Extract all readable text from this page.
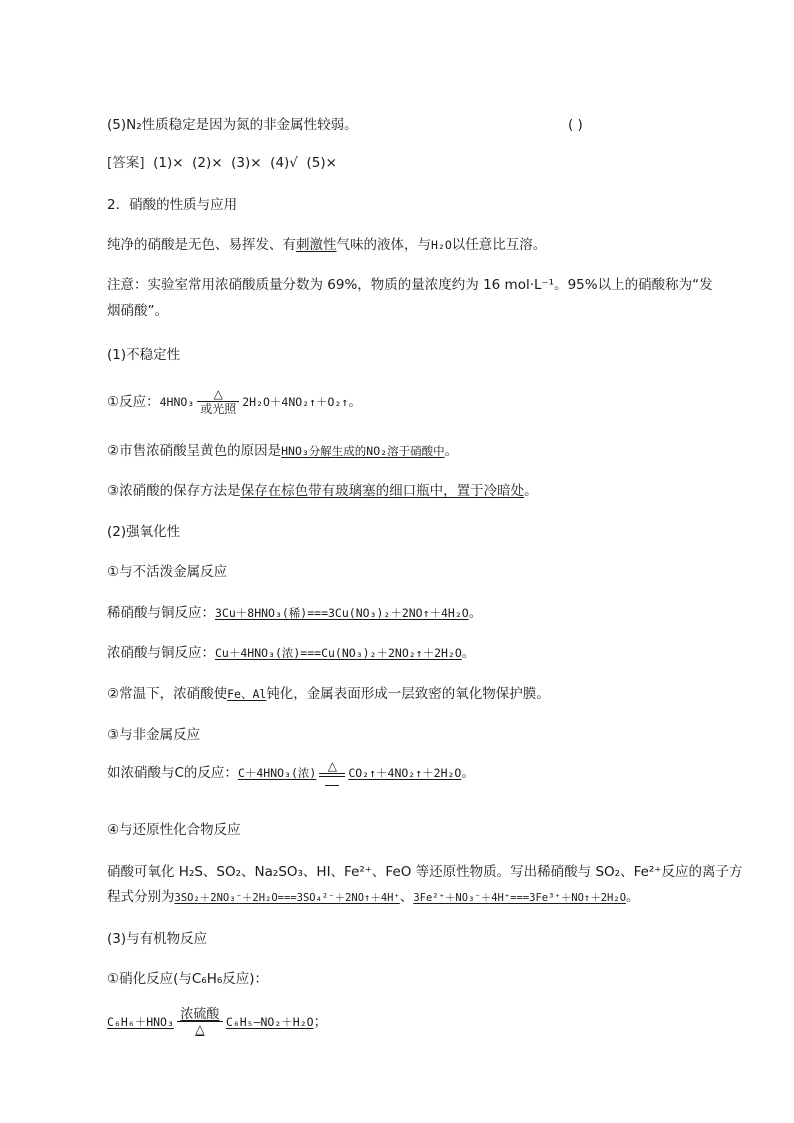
(5)N₂性质稳定是因为氮的非金属性较弱。	( )
[答案]  (1)×  (2)×  (3)×  (4)√  (5)×
2．硝酸的性质与应用
纯净的硝酸是无色、易挥发、有刺激性气味的液体，与H₂O以任意比互溶。
注意：实验室常用浓硝酸质量分数为 69%，物质的量浓度约为 16 mol·L⁻¹。95%以上的硝酸称为“发
烟硝酸”。
(1)不稳定性
①反应：4HNO₃
△
或光照 2H₂O＋4NO₂↑＋O₂↑。
②市售浓硝酸呈黄色的原因是HNO₃分解生成的NO₂溶于硝酸中。
③浓硝酸的保存方法是保存在棕色带有玻璃塞的细口瓶中，置于冷暗处。
(2)强氧化性
①与不活泼金属反应
稀硝酸与铜反应：3Cu＋8HNO₃(稀)===3Cu(NO₃)₂＋2NO↑＋4H₂O。
浓硝酸与铜反应：Cu＋4HNO₃(浓)===Cu(NO₃)₂＋2NO₂↑＋2H₂O。
②常温下，浓硝酸使Fe、Al钝化，金属表面形成一层致密的氧化物保护膜。
③与非金属反应
如浓硝酸与C的反应：C＋4HNO₃(浓) △ CO₂↑＋4NO₂↑＋2H₂O。
④与还原性化合物反应
硝酸可氧化 H₂S、SO₂、Na₂SO₃、HI、Fe²⁺、FeO 等还原性物质。写出稀硝酸与 SO₂、Fe²⁺反应的离子方
程式分别为3SO₂＋2NO₃⁻＋2H₂O===3SO₄²⁻＋2NO↑＋4H⁺、3Fe²⁺＋NO₃⁻＋4H⁺===3Fe³⁺＋NO↑＋2H₂O。
(3)与有机物反应
①硝化反应(与C₆H₆反应)：
C₆H₆＋HNO₃ 浓硫酸
△	C₆H₅—NO₂＋H₂O；
